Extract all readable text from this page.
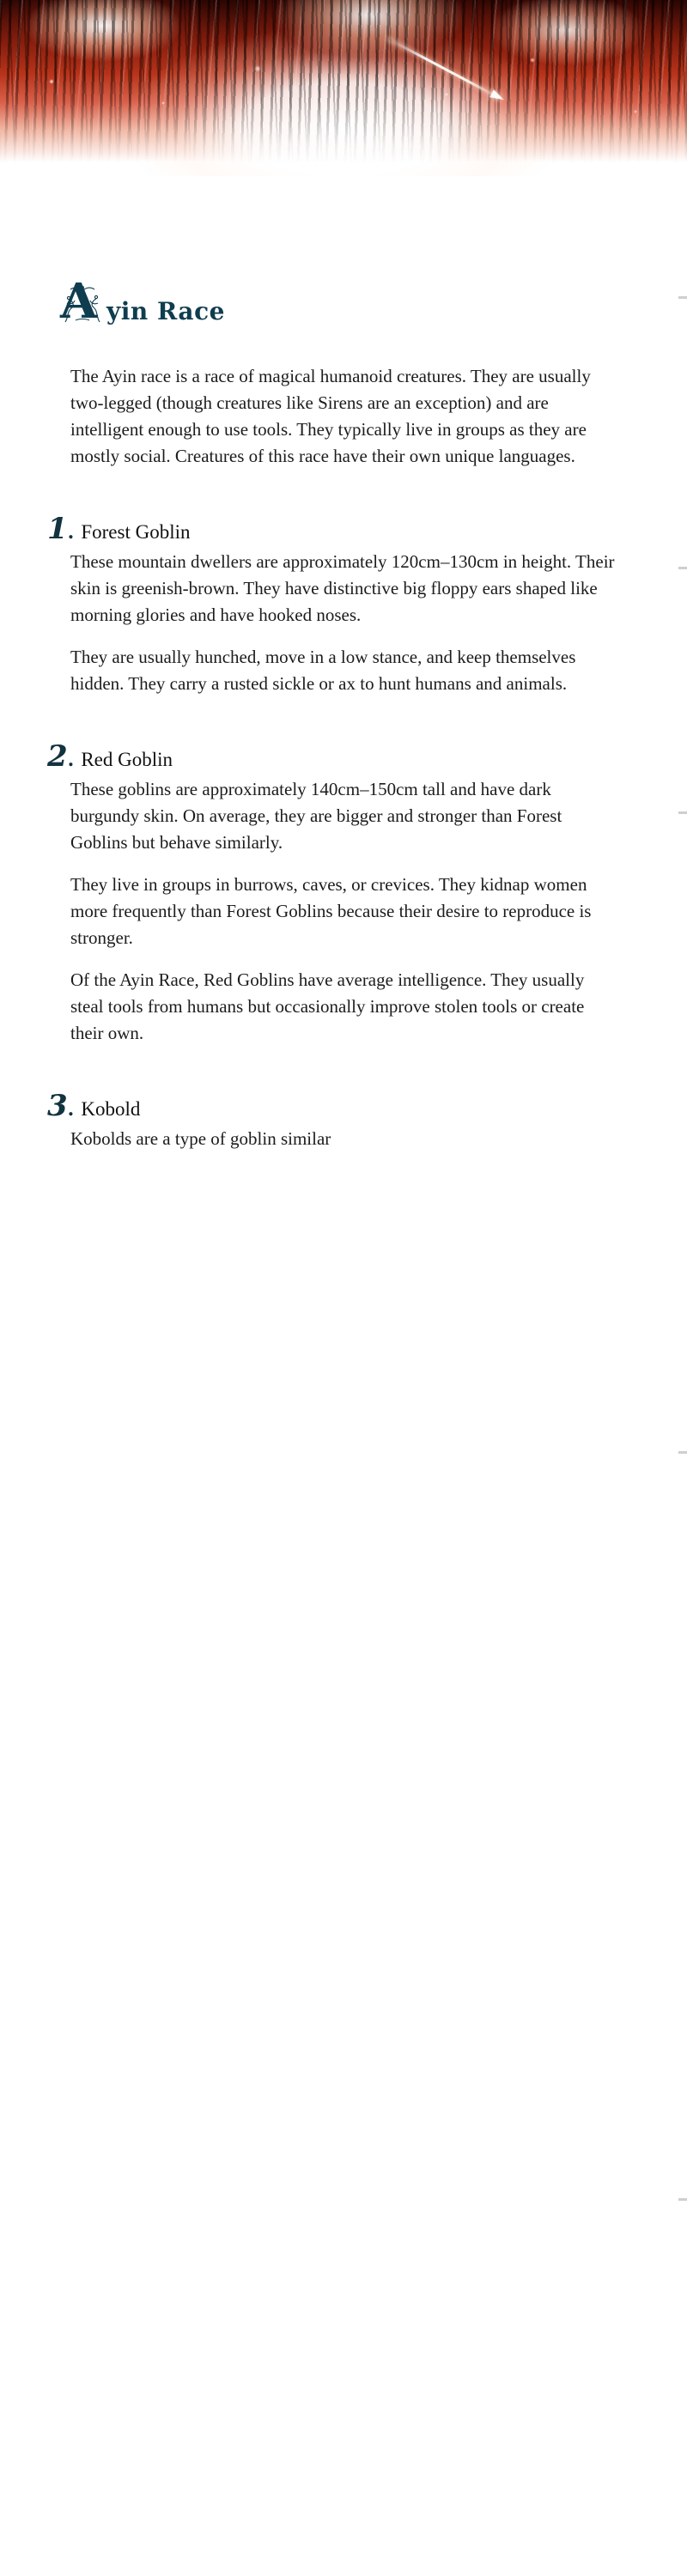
A yin Race

The Ayin race is a race of magical humanoid creatures. They are usually two-legged (though creatures like Sirens are an exception) and are intelligent enough to use tools. They typically live in groups as they are mostly social. Creatures of this race have their own unique languages.

1. Forest Goblin

These mountain dwellers are approximately 120cm–130cm in height. Their skin is greenish-brown. They have distinctive big floppy ears shaped like morning glories and have hooked noses.

They are usually hunched, move in a low stance, and keep themselves hidden. They carry a rusted sickle or ax to hunt humans and animals.

2. Red Goblin

These goblins are approximately 140cm–150cm tall and have dark burgundy skin. On average, they are bigger and stronger than Forest Goblins but behave similarly.

They live in groups in burrows, caves, or crevices. They kidnap women more frequently than Forest Goblins because their desire to reproduce is stronger.

Of the Ayin Race, Red Goblins have average intelligence. They usually steal tools from humans but occasionally improve stolen tools or create their own.

3. Kobold

Kobolds are a type of goblin similar
